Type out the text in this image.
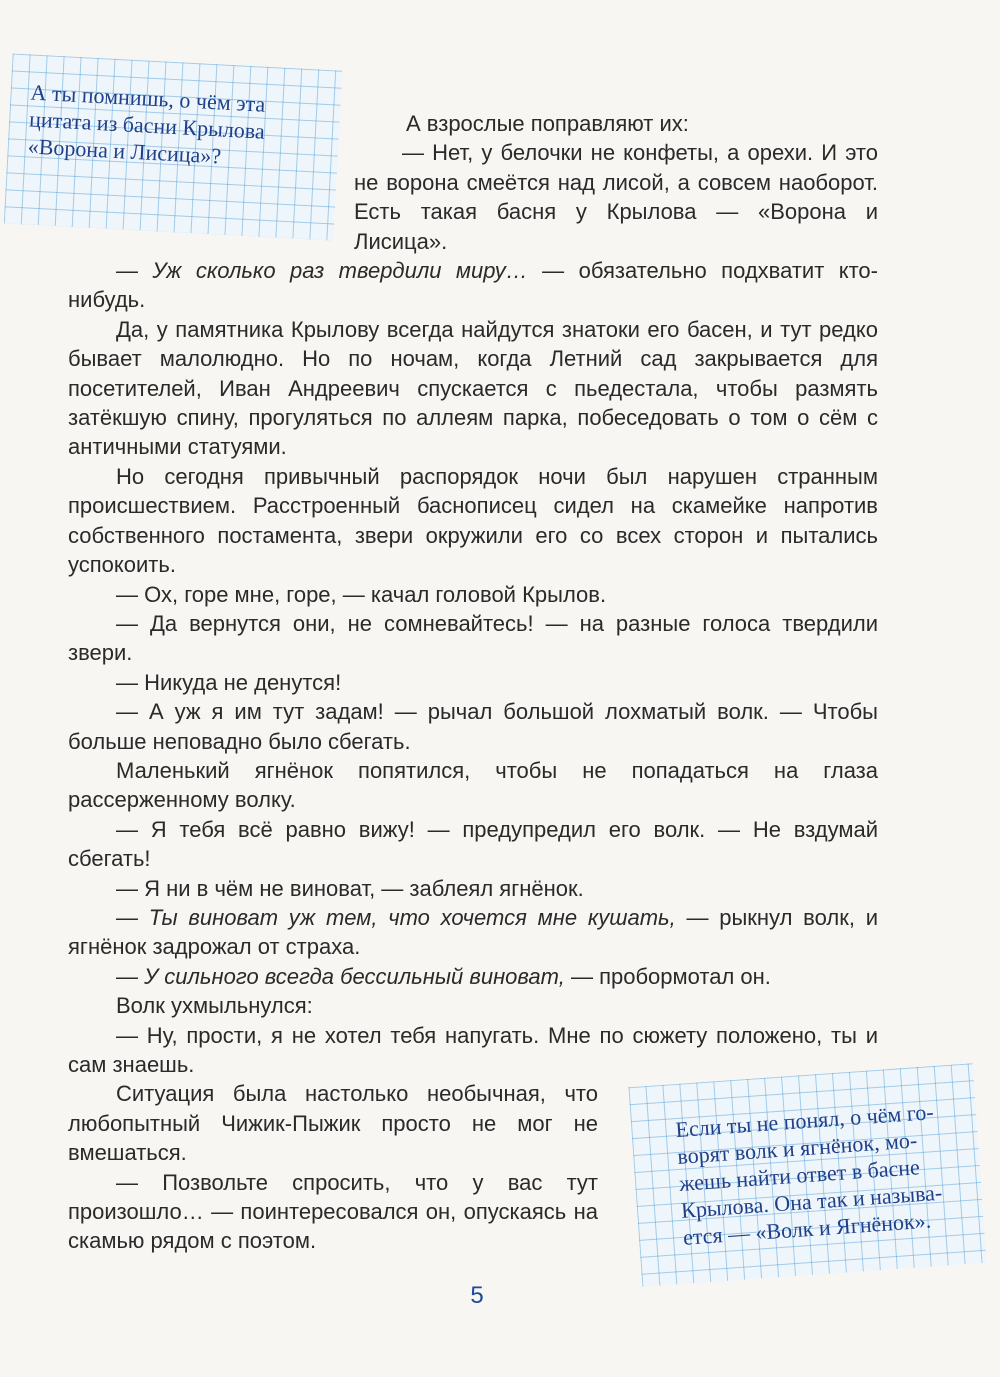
А ты помнишь, о чём эта
цитата из басни Крылова
«Ворона и Лисица»?

Если ты не понял, о чём го-
ворят волк и ягнёнок, мо-
жешь найти ответ в басне
Крылова. Она так и называ-
ется — «Волк и Ягнёнок».

А взрослые поправляют их:

— Нет, у белочки не конфеты, а орехи. И это не ворона смеётся над лисой, а совсем наоборот. Есть такая басня у Крылова — «Ворона и Лисица».

— Уж сколько раз твердили миру… — обязательно подхватит кто-нибудь.

Да, у памятника Крылову всегда найдутся знатоки его басен, и тут редко бывает малолюдно. Но по ночам, когда Летний сад закрывается для посетителей, Иван Андреевич спускается с пьедестала, чтобы размять затёкшую спину, прогуляться по аллеям парка, побеседовать о том о сём с античными статуями.

Но сегодня привычный распорядок ночи был нарушен странным происшествием. Расстроенный баснописец сидел на скамейке напротив собственного постамента, звери окружили его со всех сторон и пытались успокоить.

— Ох, горе мне, горе, — качал головой Крылов.

— Да вернутся они, не сомневайтесь! — на разные голоса твердили звери.

— Никуда не денутся!

— А уж я им тут задам! — рычал большой лохматый волк. — Чтобы больше неповадно было сбегать.

Маленький ягнёнок попятился, чтобы не попадаться на глаза рассерженному волку.

— Я тебя всё равно вижу! — предупредил его волк. — Не вздумай сбегать!

— Я ни в чём не виноват, — заблеял ягнёнок.

— Ты виноват уж тем, что хочется мне кушать, — рыкнул волк, и ягнёнок задрожал от страха.

— У сильного всегда бессильный виноват, — пробормотал он.

Волк ухмыльнулся:

— Ну, прости, я не хотел тебя напугать. Мне по сюжету положено, ты и сам знаешь.

Ситуация была настолько необычная, что любопытный Чижик-Пыжик просто не мог не вмешаться.

— Позвольте спросить, что у вас тут произошло… — поинтересовался он, опускаясь на скамью рядом с поэтом.

5
